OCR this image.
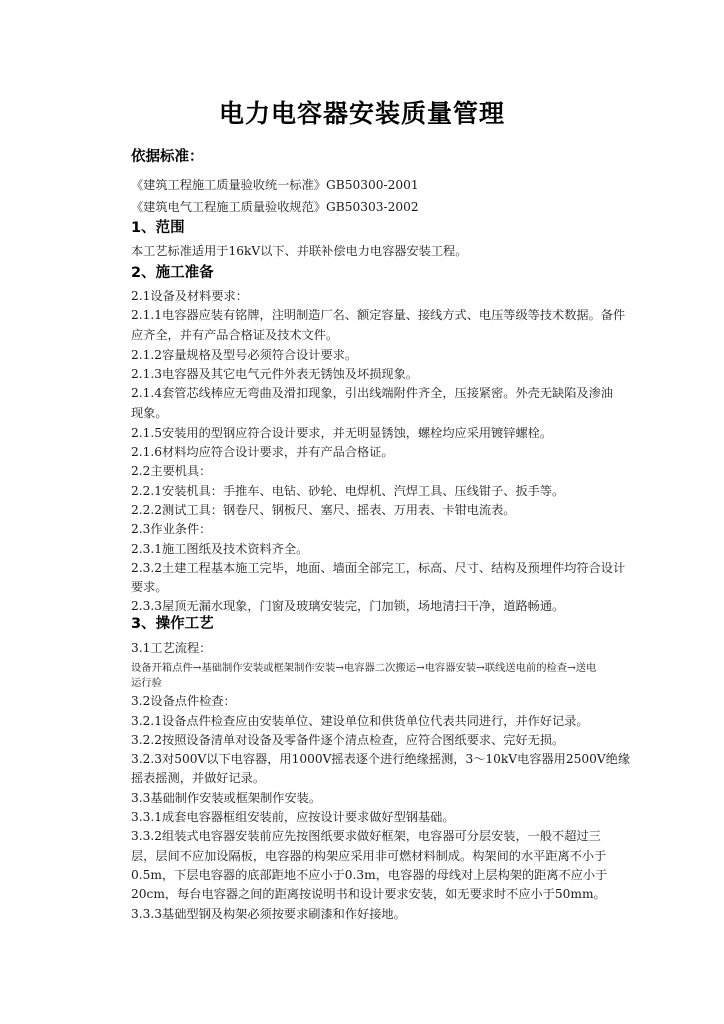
电力电容器安装质量管理
依据标准：
《建筑工程施工质量验收统一标准》GB50300-2001
《建筑电气工程施工质量验收规范》GB50303-2002
1、范围
本工艺标准适用于16kV以下、并联补偿电力电容器安装工程。
2、施工准备
2.1设备及材料要求：
2.1.1电容器应装有铭牌，注明制造厂名、额定容量、接线方式、电压等级等技术数据。备件
应齐全，并有产品合格证及技术文件。
2.1.2容量规格及型号必须符合设计要求。
2.1.3电容器及其它电气元件外表无锈蚀及坏损现象。
2.1.4套管芯线棒应无弯曲及滑扣现象，引出线端附件齐全，压接紧密。外壳无缺陷及渗油
现象。
2.1.5安装用的型钢应符合设计要求，并无明显锈蚀，螺栓均应采用镀锌螺栓。
2.1.6材料均应符合设计要求，并有产品合格证。
2.2主要机具：
2.2.1安装机具：手推车、电钻、砂轮、电焊机、汽焊工具、压线钳子、扳手等。
2.2.2测试工具：钢卷尺、钢板尺、塞尺、摇表、万用表、卡钳电流表。
2.3作业条件：
2.3.1施工图纸及技术资料齐全。
2.3.2土建工程基本施工完毕，地面、墙面全部完工，标高、尺寸、结构及预埋件均符合设计
要求。
2.3.3屋顶无漏水现象，门窗及玻璃安装完，门加锁，场地清扫干净，道路畅通。
3、操作工艺
3.1工艺流程：
设备开箱点件→基础制作安装或框架制作安装→电容器二次搬运→电容器安装→联线送电前的检查→送电
运行验
3.2设备点件检查：
3.2.1设备点件检查应由安装单位、建设单位和供货单位代表共同进行，并作好记录。
3.2.2按照设备清单对设备及零备件逐个清点检查，应符合图纸要求、完好无损。
3.2.3对500V以下电容器，用1000V摇表逐个进行绝缘摇测，3～10kV电容器用2500V绝缘
摇表摇测，并做好记录。
3.3基础制作安装或框架制作安装。
3.3.1成套电容器框组安装前，应按设计要求做好型钢基础。
3.3.2组装式电容器安装前应先按图纸要求做好框架，电容器可分层安装，一般不超过三
层，层间不应加设隔板，电容器的构架应采用非可燃材料制成。构架间的水平距离不小于
0.5m，下层电容器的底部距地不应小于0.3m，电容器的母线对上层构架的距离不应小于
20cm，每台电容器之间的距离按说明书和设计要求安装，如无要求时不应小于50mm。
3.3.3基础型钢及构架必须按要求刷漆和作好接地。
